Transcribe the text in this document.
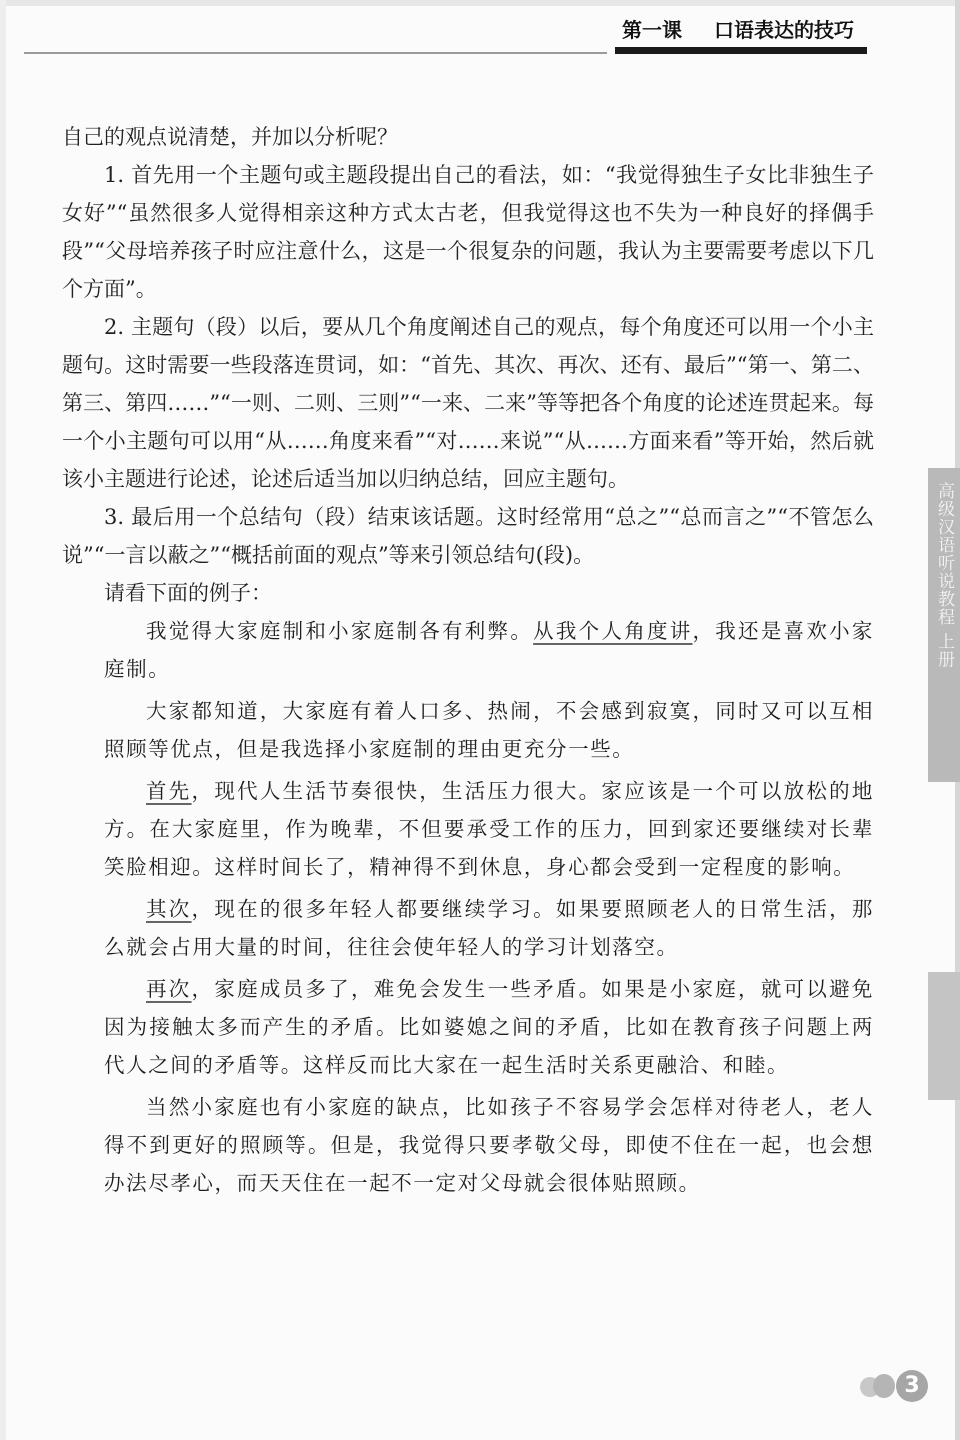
第一课 口语表达的技巧
高级汉语听说教程 上册

自己的观点说清楚，并加以分析呢？

1. 首先用一个主题句或主题段提出自己的看法，如：“我觉得独生子女比非独生子女好”“虽然很多人觉得相亲这种方式太古老，但我觉得这也不失为一种良好的择偶手段”“父母培养孩子时应注意什么，这是一个很复杂的问题，我认为主要需要考虑以下几个方面”。

2. 主题句（段）以后，要从几个角度阐述自己的观点，每个角度还可以用一个小主题句。这时需要一些段落连贯词，如：“首先、其次、再次、还有、最后”“第一、第二、第三、第四……”“一则、二则、三则”“一来、二来”等等把各个角度的论述连贯起来。每一个小主题句可以用“从……角度来看”“对……来说”“从……方面来看”等开始，然后就该小主题进行论述，论述后适当加以归纳总结，回应主题句。

3. 最后用一个总结句（段）结束该话题。这时经常用“总之”“总而言之”“不管怎么说”“一言以蔽之”“概括前面的观点”等来引领总结句(段)。

请看下面的例子：

我觉得大家庭制和小家庭制各有利弊。从我个人角度讲，我还是喜欢小家庭制。

大家都知道，大家庭有着人口多、热闹，不会感到寂寞，同时又可以互相照顾等优点，但是我选择小家庭制的理由更充分一些。

首先，现代人生活节奏很快，生活压力很大。家应该是一个可以放松的地方。在大家庭里，作为晚辈，不但要承受工作的压力，回到家还要继续对长辈笑脸相迎。这样时间长了，精神得不到休息，身心都会受到一定程度的影响。

其次，现在的很多年轻人都要继续学习。如果要照顾老人的日常生活，那么就会占用大量的时间，往往会使年轻人的学习计划落空。

再次，家庭成员多了，难免会发生一些矛盾。如果是小家庭，就可以避免因为接触太多而产生的矛盾。比如婆媳之间的矛盾，比如在教育孩子问题上两代人之间的矛盾等。这样反而比大家在一起生活时关系更融洽、和睦。

当然小家庭也有小家庭的缺点，比如孩子不容易学会怎样对待老人，老人得不到更好的照顾等。但是，我觉得只要孝敬父母，即使不住在一起，也会想办法尽孝心，而天天住在一起不一定对父母就会很体贴照顾。

3
